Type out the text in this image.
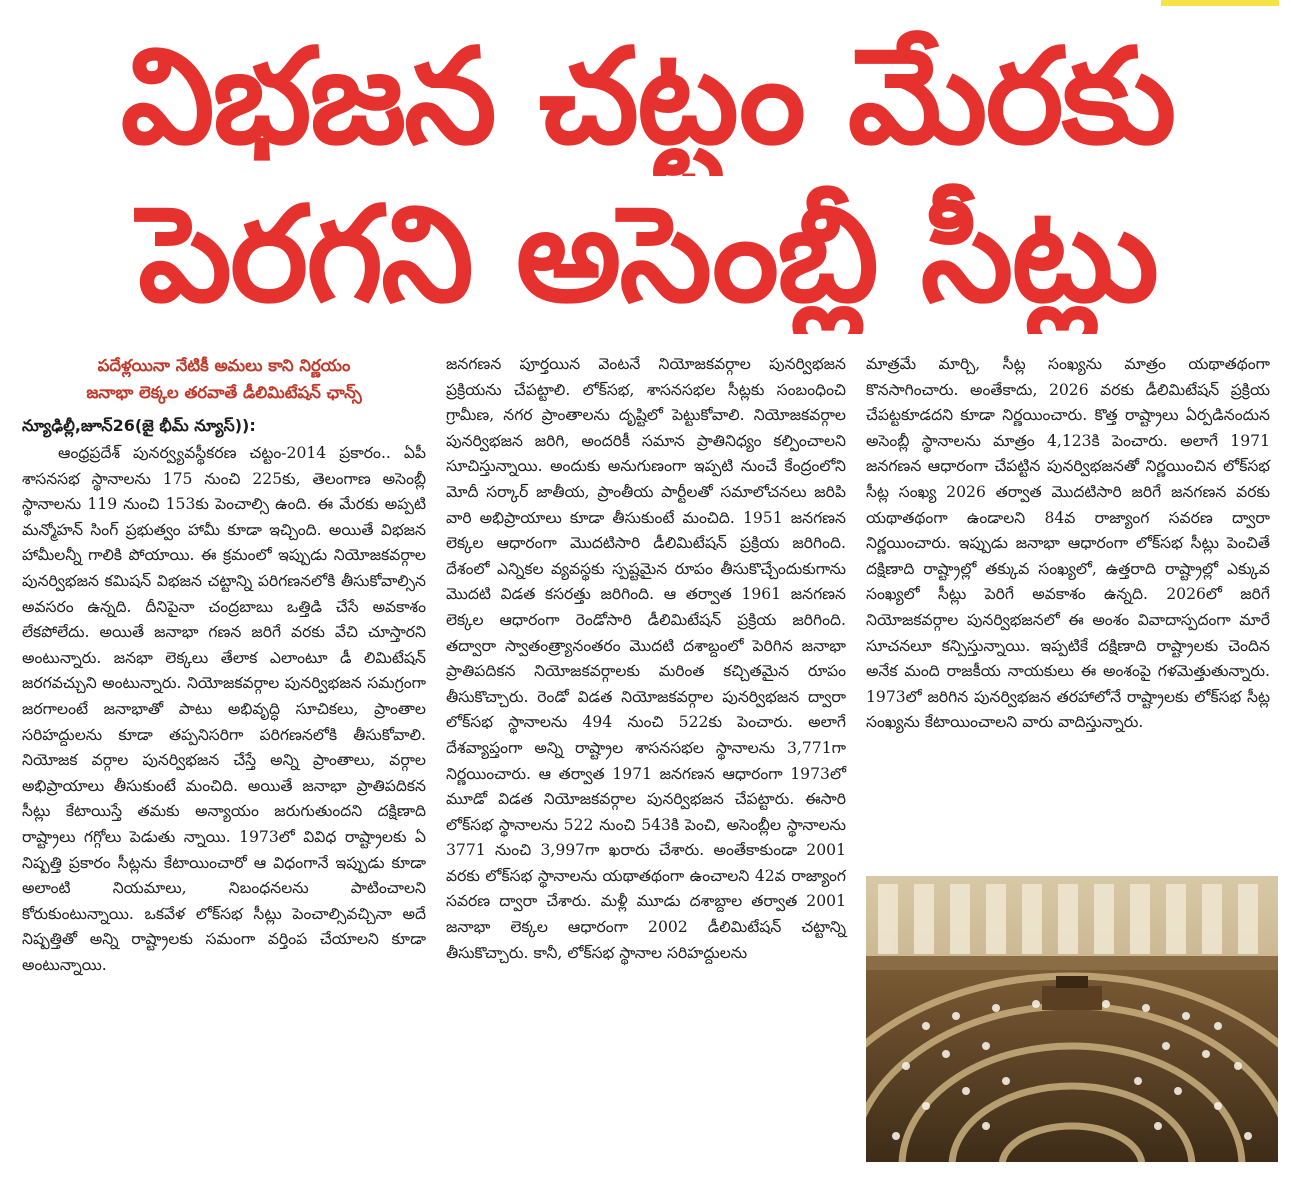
విభజన చట్టం మేరకు
పెరగని అసెంబ్లీ సీట్లు
పదేళ్లయినా నేటికీ అమలు కాని నిర్ణయం
జనాభా లెక్కల తరవాతే డీలిమిటేషన్ ఛాన్స్
న్యూఢిల్లీ,జూన్26(జై భీమ్ న్యూస్)):

ఆంధ్రప్రదేశ్ పునర్వ్యవస్థీకరణ చట్టం-2014 ప్రకారం.. ఏపీ శాసనసభ స్థానాలను 175 నుంచి 225కు, తెలంగాణ అసెంబ్లీ స్థానాలను 119 నుంచి 153కు పెంచాల్సి ఉంది. ఈ మేరకు అప్పటి మన్మోహన్ సింగ్ ప్రభుత్వం హామీ కూడా ఇచ్చింది. అయితే విభజన హామీలన్నీ గాలికి పోయాయి. ఈ క్రమంలో ఇప్పుడు నియోజకవర్గాల పునర్విభజన కమిషన్ విభజన చట్టాన్ని పరిగణనలోకి తీసుకోవాల్సిన అవసరం ఉన్నది. దీనిపైనా చంద్రబాబు ఒత్తిడి చేసే అవకాశం లేకపోలేదు. అయితే జనాభా గణన జరిగే వరకు వేచి చూస్తారని అంటున్నారు. జనభా లెక్కలు తేలాక ఎలాంటూ డీ లిమిటేషన్ జరగవచ్చుని అంటున్నారు. నియోజకవర్గాల పునర్విభజన సమగ్రంగా జరగాలంటే జనాభాతో పాటు అభివృద్ధి సూచికలు, ప్రాంతాల సరిహద్దులను కూడా తప్పనిసరిగా పరిగణనలోకి తీసుకోవాలి. నియోజక వర్గాల పునర్విభజన చేస్తే అన్ని ప్రాంతాలు, వర్గాల అభిప్రాయాలు తీసుకుంటే మంచిది. అయితే జనాభా ప్రాతిపదికన సీట్లు కేటాయిస్తే తమకు అన్యాయం జరుగుతుందని దక్షిణాది రాష్ట్రాలు గగ్గోలు పెడుతు న్నాయి. 1973లో వివిధ రాష్ట్రాలకు ఏ నిష్పత్తి ప్రకారం సీట్లను కేటాయించారో ఆ విధంగానే ఇప్పుడు కూడా అలాంటి నియమాలు, నిబంధనలను పాటించాలని కోరుకుంటున్నాయి. ఒకవేళ లోక్‌సభ సీట్లు పెంచాల్సివచ్చినా అదే నిష్పత్తితో అన్ని రాష్ట్రాలకు సమంగా వర్తింప చేయాలని కూడా అంటున్నాయి.

జనగణన పూర్తయిన వెంటనే నియోజకవర్గాల పునర్విభజన ప్రక్రియను చేపట్టాలి. లోక్‌సభ, శాసనసభల సీట్లకు సంబంధించి గ్రామీణ, నగర ప్రాంతాలను దృష్టిలో పెట్టుకోవాలి. నియోజకవర్గాల పునర్విభజన జరిగి, అందరికీ సమాన ప్రాతినిధ్యం కల్పించాలని సూచిస్తున్నాయి. అందుకు అనుగుణంగా ఇప్పటి నుంచే కేంద్రంలోని మోదీ సర్కార్ జాతీయ, ప్రాంతీయ పార్టీలతో సమాలోచనలు జరిపి వారి అభిప్రాయాలు కూడా తీసుకుంటే మంచిది. 1951 జనగణన లెక్కల ఆధారంగా మొదటిసారి డీలిమిటేషన్ ప్రక్రియ జరిగింది. దేశంలో ఎన్నికల వ్యవస్థకు స్పష్టమైన రూపం తీసుకొచ్చేందుకుగాను మొదటి విడత కసరత్తు జరిగింది. ఆ తర్వాత 1961 జనగణన లెక్కల ఆధారంగా రెండోసారి డీలిమిటేషన్ ప్రక్రియ జరిగింది. తద్వారా స్వాతంత్ర్యానంతరం మొదటి దశాబ్దంలో పెరిగిన జనాభా ప్రాతిపదికన నియోజకవర్గాలకు మరింత కచ్చితమైన రూపం తీసుకొచ్చారు. రెండో విడత నియోజకవర్గాల పునర్విభజన ద్వారా లోక్‌సభ స్థానాలను 494 నుంచి 522కు పెంచారు. అలాగే దేశవ్యాప్తంగా అన్ని రాష్ట్రాల శాసనసభల స్థానాలను 3,771గా నిర్ణయించారు. ఆ తర్వాత 1971 జనగణన ఆధారంగా 1973లో మూడో విడత నియోజకవర్గాల పునర్విభజన చేపట్టారు. ఈసారి లోక్‌సభ స్థానాలను 522 నుంచి 543కి పెంచి, అసెంబ్లీల స్థానాలను 3771 నుంచి 3,997గా ఖరారు చేశారు. అంతేకాకుండా 2001 వరకు లోక్‌సభ స్థానాలను యథాతథంగా ఉంచాలని 42వ రాజ్యాంగ సవరణ ద్వారా చేశారు. మళ్లీ మూడు దశాబ్దాల తర్వాత 2001 జనాభా లెక్కల ఆధారంగా 2002 డీలిమిటేషన్ చట్టాన్ని తీసుకొచ్చారు. కానీ, లోక్‌సభ స్థానాల సరిహద్దులను

మాత్రమే మార్చి, సీట్ల సంఖ్యను మాత్రం యథాతథంగా కొనసాగించారు. అంతేకాదు, 2026 వరకు డీలిమిటేషన్ ప్రక్రియ చేపట్టకూడదని కూడా నిర్ణయించారు. కొత్త రాష్ట్రాలు ఏర్పడినందున అసెంబ్లీ స్థానాలను మాత్రం 4,123కి పెంచారు. అలాగే 1971 జనగణన ఆధారంగా చేపట్టిన పునర్విభజనతో నిర్ణయించిన లోక్‌సభ సీట్ల సంఖ్య 2026 తర్వాత మొదటిసారి జరిగే జనగణన వరకు యథాతథంగా ఉండాలని 84వ రాజ్యాంగ సవరణ ద్వారా నిర్ణయించారు. ఇప్పుడు జనాభా ఆధారంగా లోక్‌సభ సీట్లు పెంచితే దక్షిణాది రాష్ట్రాల్లో తక్కువ సంఖ్యలో, ఉత్తరాది రాష్ట్రాల్లో ఎక్కువ సంఖ్యలో సీట్లు పెరిగే అవకాశం ఉన్నది. 2026లో జరిగే నియోజకవర్గాల పునర్విభజనలో ఈ అంశం వివాదాస్పదంగా మారే సూచనలూ కన్పిస్తున్నాయి. ఇప్పటికే దక్షిణాది రాష్ట్రాలకు చెందిన అనేక మంది రాజకీయ నాయకులు ఈ అంశంపై గళమెత్తుతున్నారు. 1973లో జరిగిన పునర్విభజన తరహాలోనే రాష్ట్రాలకు లోక్‌సభ సీట్ల సంఖ్యను కేటాయించాలని వారు వాదిస్తున్నారు.
